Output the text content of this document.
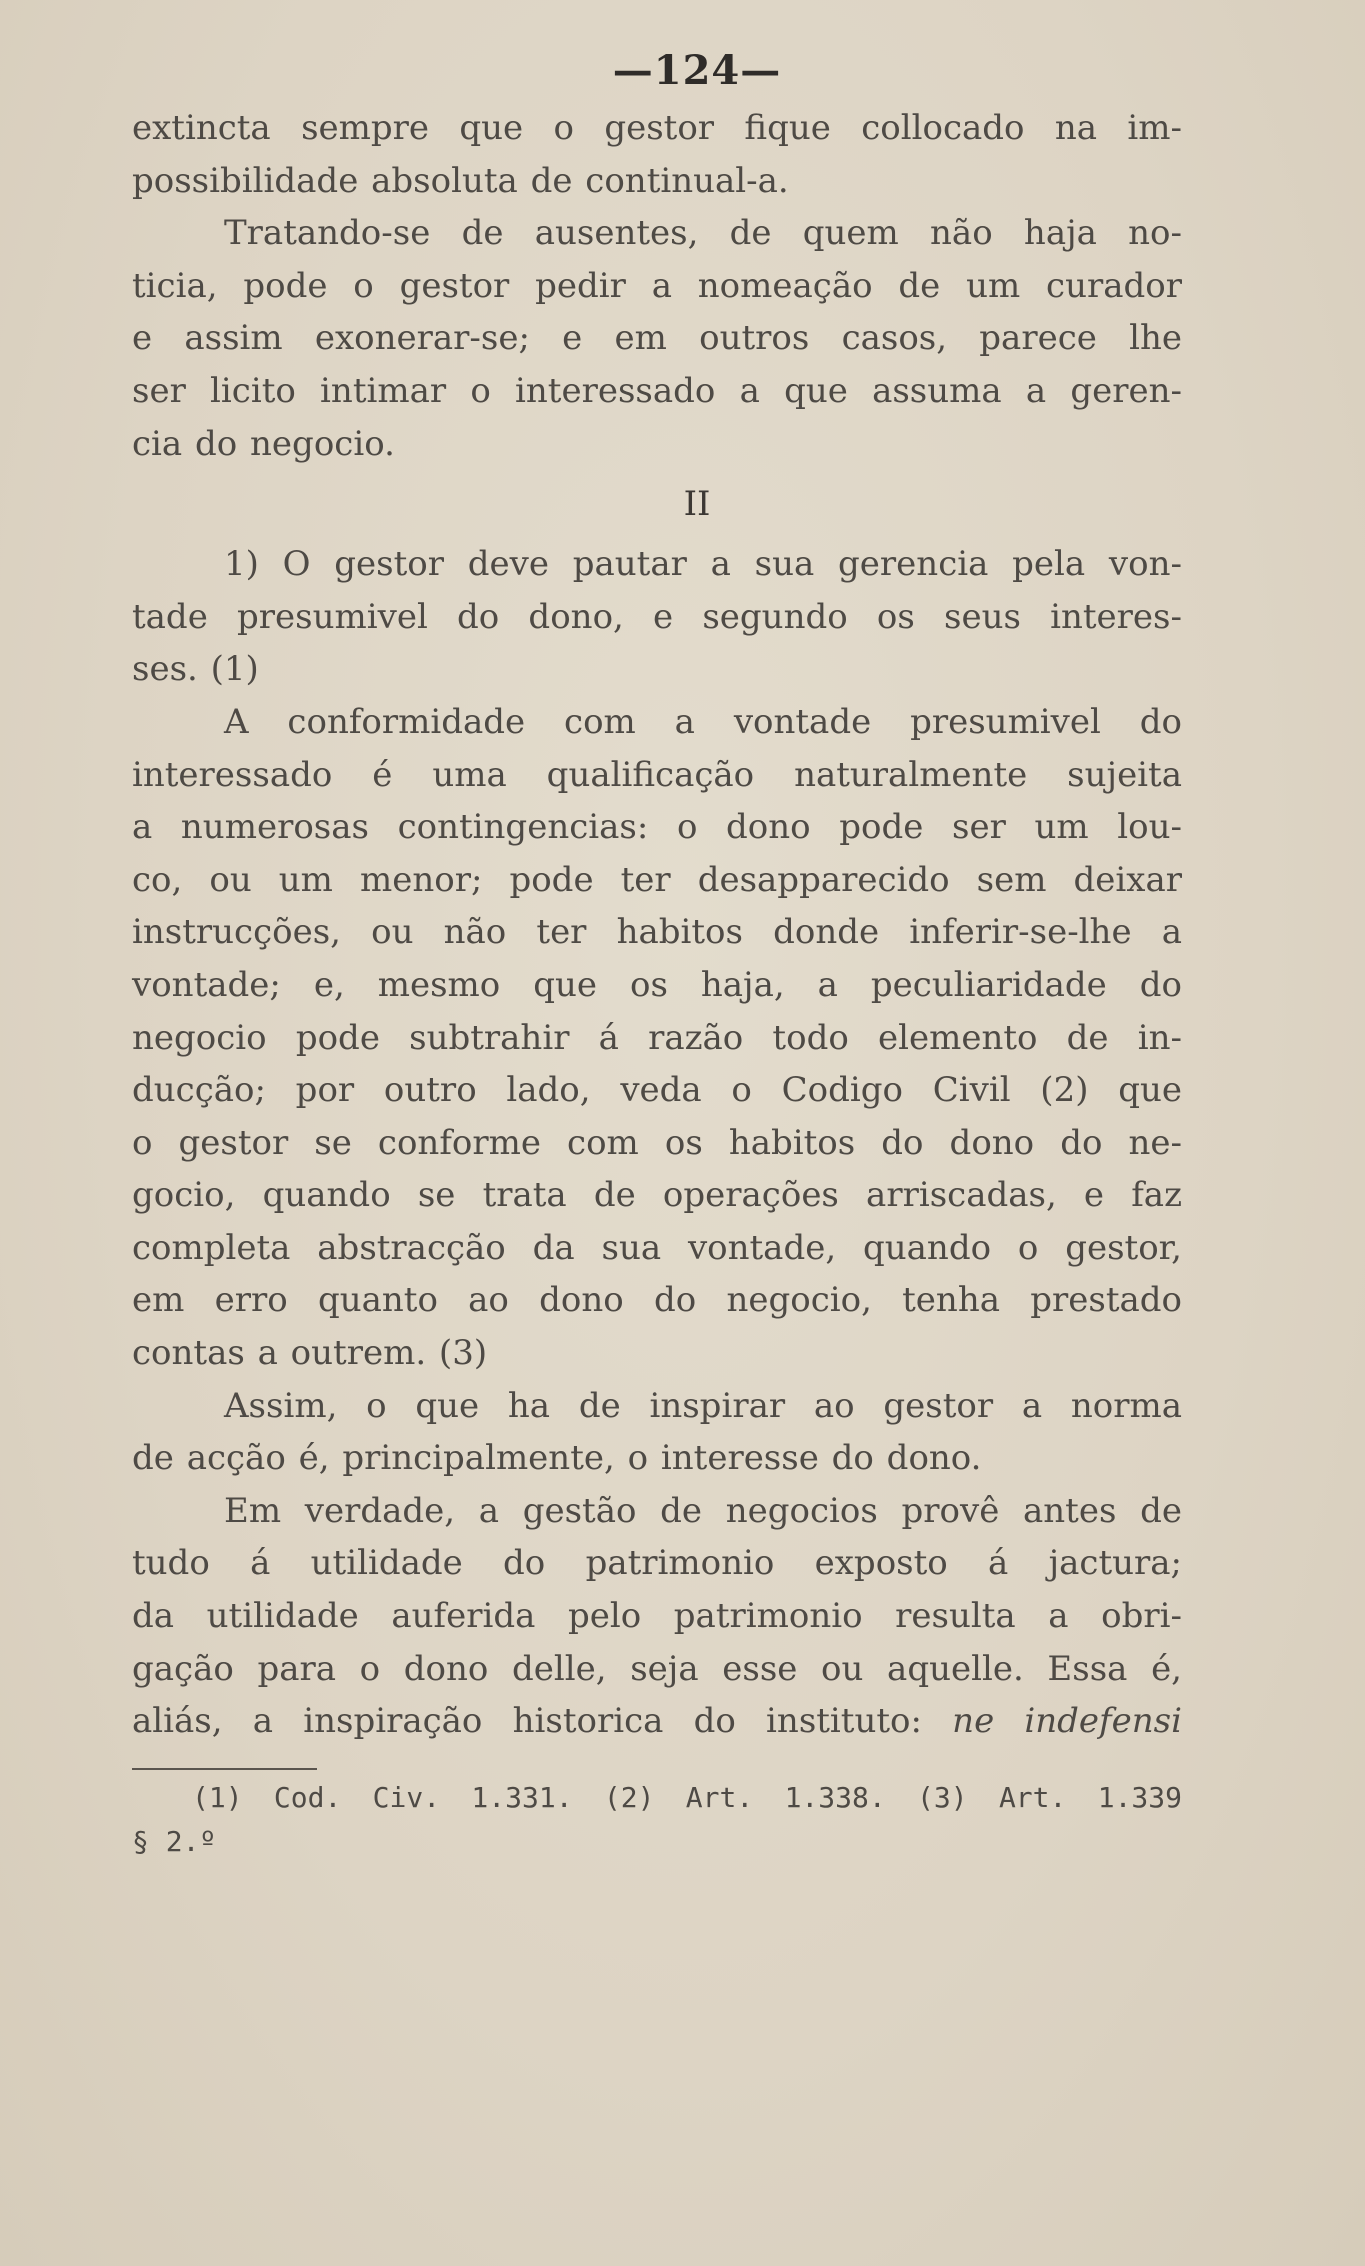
—124—
extincta sempre que o gestor fique collocado na im-
possibilidade absoluta de continual-a.
Tratando-se de ausentes, de quem não haja no-
ticia, pode o gestor pedir a nomeação de um curador
e assim exonerar-se; e em outros casos, parece lhe
ser licito intimar o interessado a que assuma a geren-
cia do negocio.
II
1) O gestor deve pautar a sua gerencia pela von-
tade presumivel do dono, e segundo os seus interes-
ses. (1)
A conformidade com a vontade presumivel do
interessado é uma qualificação naturalmente sujeita
a numerosas contingencias: o dono pode ser um lou-
co, ou um menor; pode ter desapparecido sem deixar
instrucções, ou não ter habitos donde inferir-se-lhe a
vontade; e, mesmo que os haja, a peculiaridade do
negocio pode subtrahir á razão todo elemento de in-
ducção; por outro lado, veda o Codigo Civil (2) que
o gestor se conforme com os habitos do dono do ne-
gocio, quando se trata de operações arriscadas, e faz
completa abstracção da sua vontade, quando o gestor,
em erro quanto ao dono do negocio, tenha prestado
contas a outrem. (3)
Assim, o que ha de inspirar ao gestor a norma
de acção é, principalmente, o interesse do dono.
Em verdade, a gestão de negocios provê antes de
tudo á utilidade do patrimonio exposto á jactura;
da utilidade auferida pelo patrimonio resulta a obri-
gação para o dono delle, seja esse ou aquelle. Essa é,
aliás, a inspiração historica do instituto: ne indefensi
(1) Cod. Civ. 1.331. (2) Art. 1.338. (3) Art. 1.339
§ 2.º
